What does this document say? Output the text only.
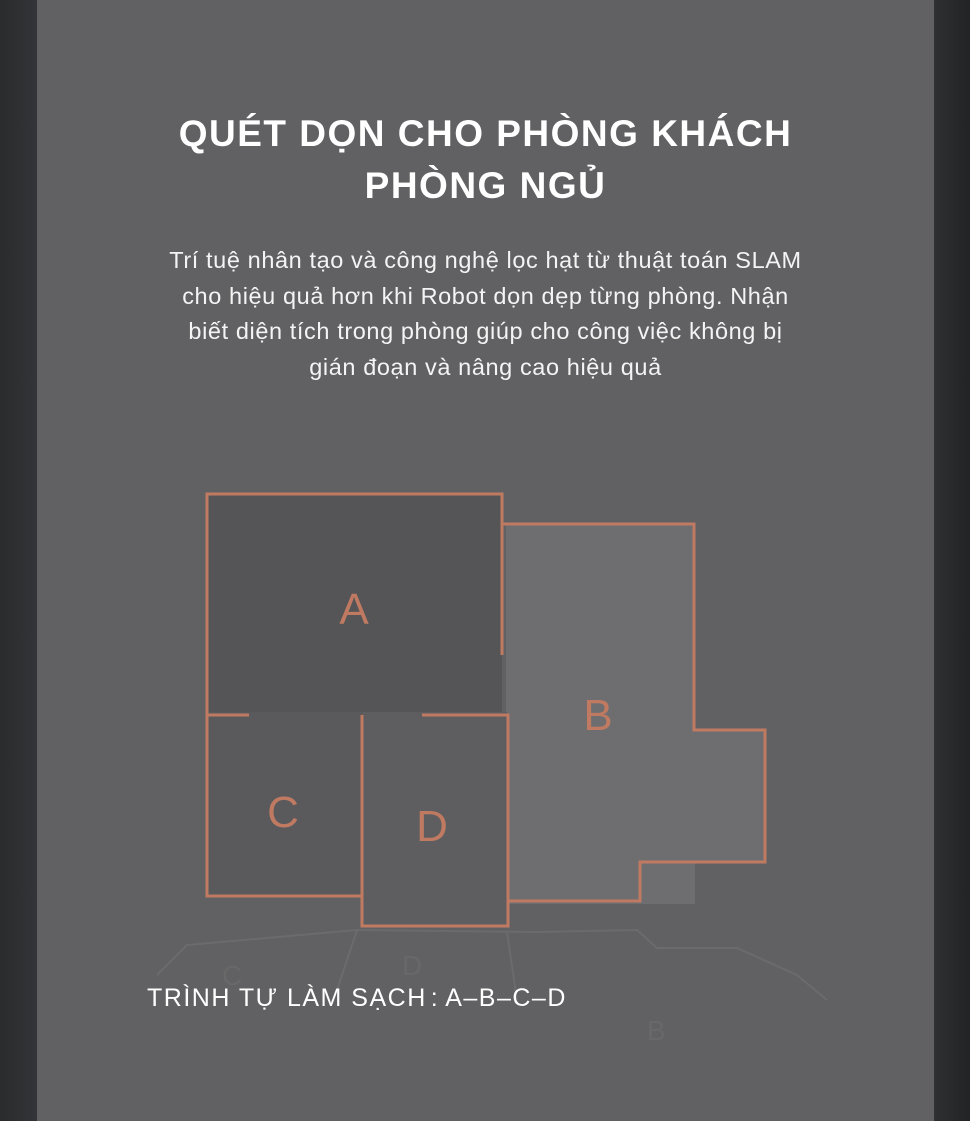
QUÉT DỌN CHO PHÒNG KHÁCH
PHÒNG NGỦ

Trí tuệ nhân tạo và công nghệ lọc hạt từ thuật toán SLAM
cho hiệu quả hơn khi Robot dọn dẹp từng phòng. Nhận
biết diện tích trong phòng giúp cho công việc không bị
gián đoạn và nâng cao hiệu quả

D
C
B
A
B
C	D
TRÌNH TỰ LÀM SẠCH : A–B–C–D
